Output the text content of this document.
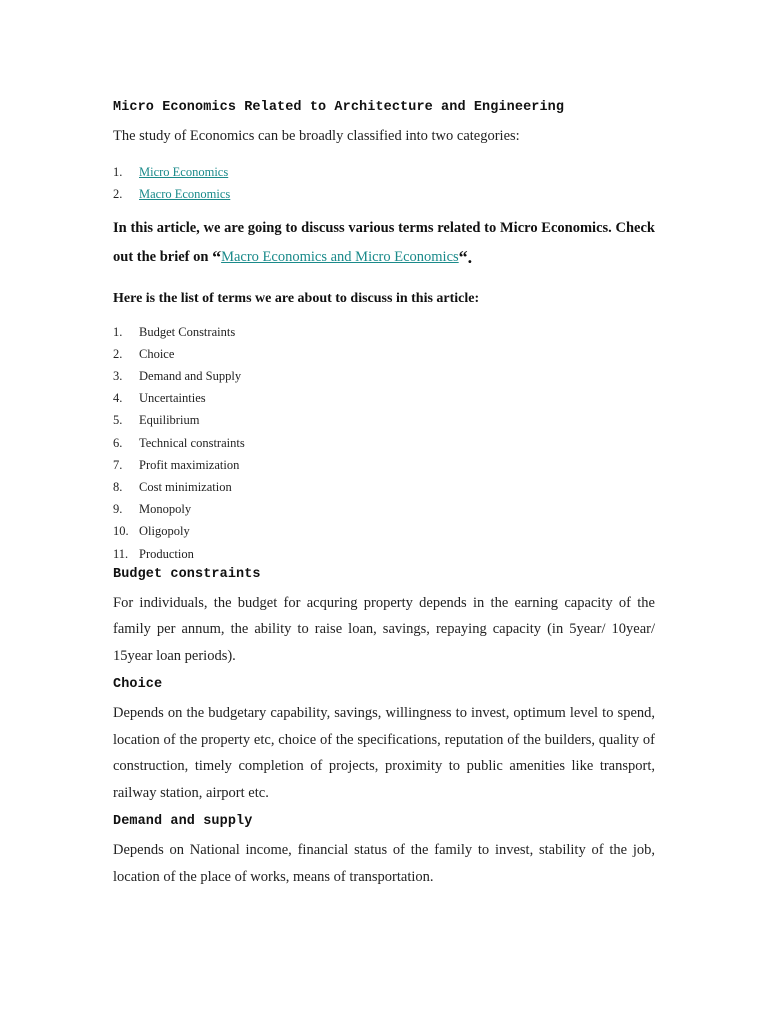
Micro Economics Related to Architecture and Engineering

The study of Economics can be broadly classified into two categories:

1.	Micro Economics
2.	Macro Economics

In this article, we are going to discuss various terms related to Micro Economics. Check out the brief on “Macro Economics and Micro Economics“.

Here is the list of terms we are about to discuss in this article:

1.	Budget Constraints
2.	Choice
3.	Demand and Supply
4.	Uncertainties
5.	Equilibrium
6.	Technical constraints
7.	Profit maximization
8.	Cost minimization
9.	Monopoly
10. Oligopoly
11. Production
Budget constraints

For individuals, the budget for acquring property depends in the earning capacity of the family per annum, the ability to raise loan, savings, repaying capacity (in 5year/ 10year/ 15year loan periods).

Choice

Depends on the budgetary capability, savings, willingness to invest, optimum level to spend, location of the property etc, choice of the specifications, reputation of the builders, quality of construction, timely completion of projects, proximity to public amenities like transport, railway station, airport etc.

Demand and supply

Depends on National income, financial status of the family to invest, stability of the job, location of the place of works, means of transportation.
